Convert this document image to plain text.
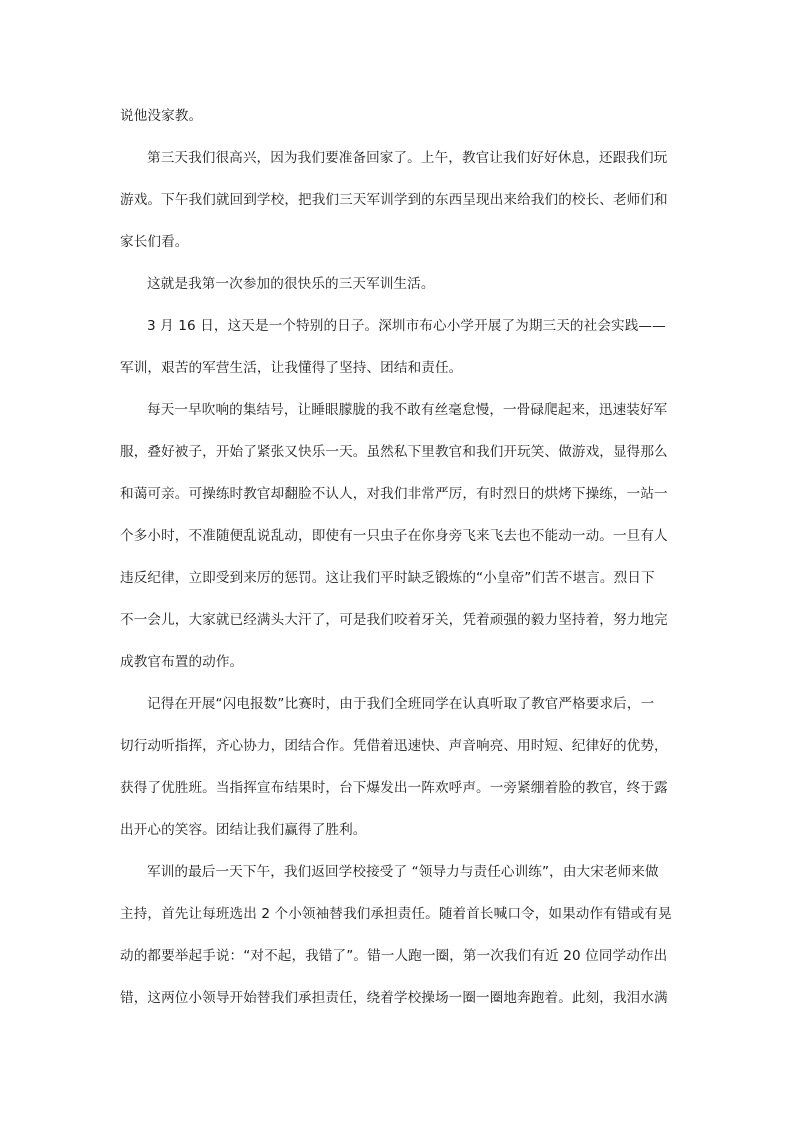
说他没家教。
第三天我们很高兴，因为我们要准备回家了。上午，教官让我们好好休息，还跟我们玩
游戏。下午我们就回到学校，把我们三天军训学到的东西呈现出来给我们的校长、老师们和
家长们看。
这就是我第一次参加的很快乐的三天军训生活。
3 月 16 日，这天是一个特别的日子。深圳市布心小学开展了为期三天的社会实践——
军训，艰苦的军营生活，让我懂得了坚持、团结和责任。
每天一早吹响的集结号，让睡眼朦胧的我不敢有丝毫怠慢，一骨碌爬起来，迅速装好军
服，叠好被子，开始了紧张又快乐一天。虽然私下里教官和我们开玩笑、做游戏，显得那么
和蔼可亲。可操练时教官却翻脸不认人，对我们非常严厉，有时烈日的烘烤下操练，一站一
个多小时，不准随便乱说乱动，即使有一只虫子在你身旁飞来飞去也不能动一动。一旦有人
违反纪律，立即受到来厉的惩罚。这让我们平时缺乏锻炼的“小皇帝”们苦不堪言。烈日下
不一会儿，大家就已经满头大汗了，可是我们咬着牙关，凭着顽强的毅力坚持着，努力地完
成教官布置的动作。
记得在开展“闪电报数”比赛时，由于我们全班同学在认真听取了教官严格要求后，一
切行动听指挥，齐心协力，团结合作。凭借着迅速快、声音响亮、用时短、纪律好的优势，
获得了优胜班。当指挥宣布结果时，台下爆发出一阵欢呼声。一旁紧绷着脸的教官，终于露
出开心的笑容。团结让我们赢得了胜利。
军训的最后一天下午，我们返回学校接受了 “领导力与责任心训练”，由大宋老师来做
主持，首先让每班选出 2 个小领袖替我们承担责任。随着首长喊口令，如果动作有错或有晃
动的都要举起手说：“对不起，我错了”。错一人跑一圈，第一次我们有近 20 位同学动作出
错，这两位小领导开始替我们承担责任，绕着学校操场一圈一圈地奔跑着。此刻，我泪水满
